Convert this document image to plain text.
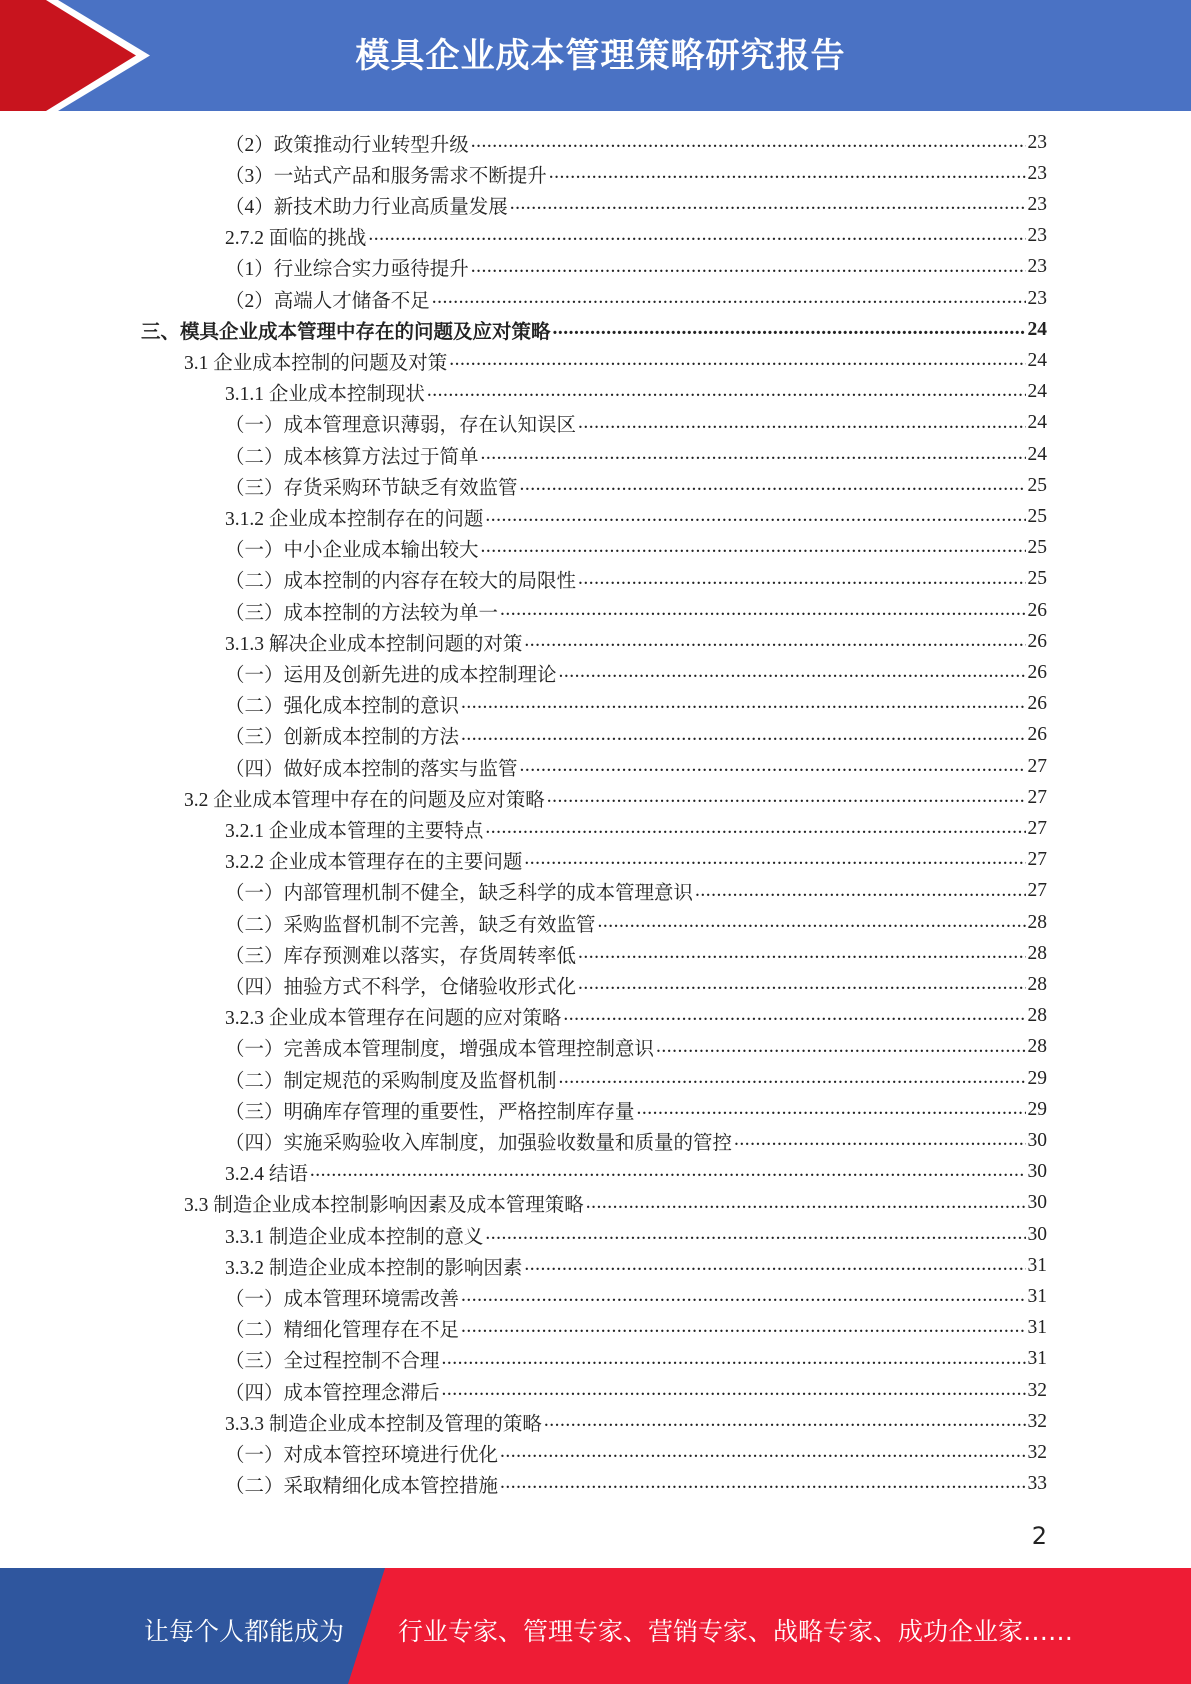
模具企业成本管理策略研究报告
（2）政策推动行业转型升级 .....	23
（3）一站式产品和服务需求不断提升 .....	23
（4）新技术助力行业高质量发展 .....	23
2.7.2 面临的挑战 .....	23
（1）行业综合实力亟待提升 .....	23
（2）高端人才储备不足 .....	23
三、模具企业成本管理中存在的问题及应对策略 .....	24
3.1 企业成本控制的问题及对策 .....	24
3.1.1 企业成本控制现状 .....	24
（一）成本管理意识薄弱，存在认知误区 .....	24
（二）成本核算方法过于简单 .....	24
（三）存货采购环节缺乏有效监管 .....	25
3.1.2 企业成本控制存在的问题 .....	25
（一）中小企业成本输出较大 .....	25
（二）成本控制的内容存在较大的局限性 .....	25
（三）成本控制的方法较为单一 .....	26
3.1.3 解决企业成本控制问题的对策 .....	26
（一）运用及创新先进的成本控制理论 .....	26
（二）强化成本控制的意识 .....	26
（三）创新成本控制的方法 .....	26
（四）做好成本控制的落实与监管 .....	27
3.2 企业成本管理中存在的问题及应对策略 .....	27
3.2.1 企业成本管理的主要特点 .....	27
3.2.2 企业成本管理存在的主要问题 .....	27
（一）内部管理机制不健全，缺乏科学的成本管理意识 .....	27
（二）采购监督机制不完善，缺乏有效监管 .....	28
（三）库存预测难以落实，存货周转率低 .....	28
（四）抽验方式不科学，仓储验收形式化 .....	28
3.2.3 企业成本管理存在问题的应对策略 .....	28
（一）完善成本管理制度，增强成本管理控制意识 .....	28
（二）制定规范的采购制度及监督机制 .....	29
（三）明确库存管理的重要性，严格控制库存量 .....	29
（四）实施采购验收入库制度，加强验收数量和质量的管控 .....	30
3.2.4 结语 .....	30
3.3 制造企业成本控制影响因素及成本管理策略 .....	30
3.3.1 制造企业成本控制的意义 .....	30
3.3.2 制造企业成本控制的影响因素 .....	31
（一）成本管理环境需改善 .....	31
（二）精细化管理存在不足 .....	31
（三）全过程控制不合理 .....	31
（四）成本管控理念滞后 .....	32
3.3.3 制造企业成本控制及管理的策略 .....	32
（一）对成本管控环境进行优化 .....	32
（二）采取精细化成本管控措施 .....	33
2
让每个人都能成为 行业专家、管理专家、营销专家、战略专家、成功企业家……
